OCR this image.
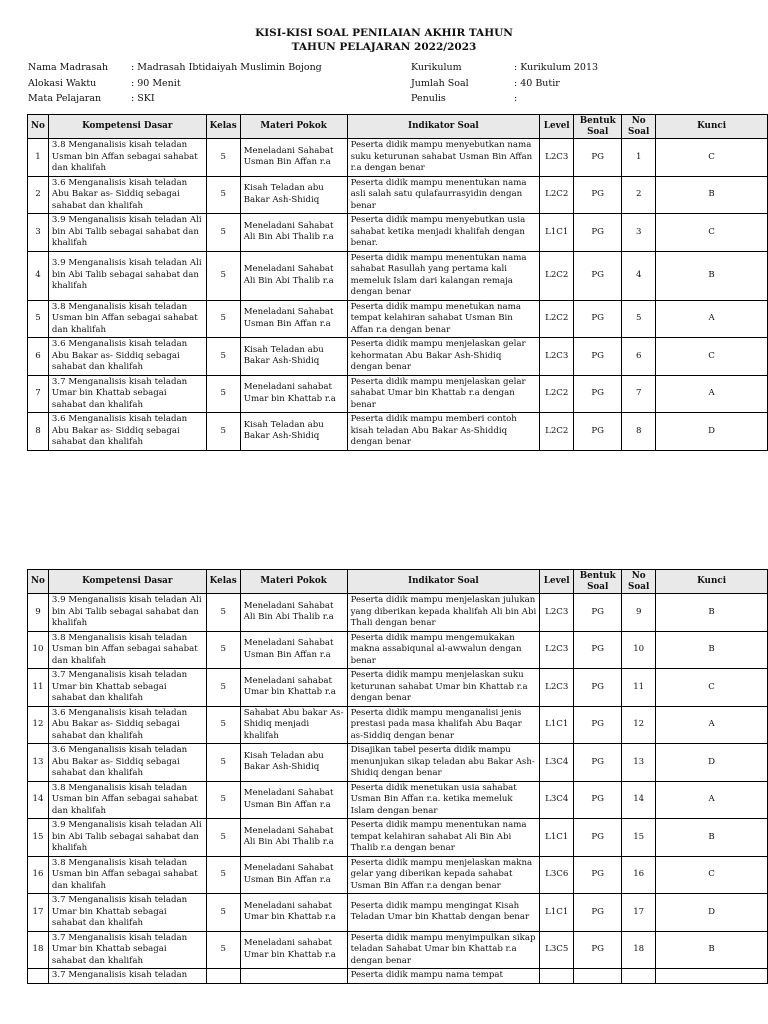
KISI-KISI SOAL PENILAIAN AKHIR TAHUN
TAHUN PELAJARAN 2022/2023
Nama Madrasah	: Madrasah Ibtidaiyah Muslimin Bojong
Alokasi Waktu	: 90 Menit
Mata Pelajaran	: SKI
Kurikulum	: Kurikulum 2013
Jumlah Soal	: 40 Butir
Penulis	:
No	Kompetensi Dasar	Kelas	Materi Pokok	Indikator Soal	Level	Bentuk Soal	No Soal	Kunci
1	3.8 Menganalisis kisah teladan Usman bin Affan sebagai sahabat dan khalifah	5	Meneladani Sahabat Usman Bin Affan r.a	Peserta didik mampu menyebutkan nama suku keturunan sahabat Usman Bin Affan r.a dengan benar	L2C3	PG	1	C
2	3.6 Menganalisis kisah teladan Abu Bakar as- Siddiq sebagai sahabat dan khalifah	5	Kisah Teladan abu Bakar Ash-Shidiq	Peserta didik mampu menentukan nama asli salah satu qulafaurrasyidin dengan benar	L2C2	PG	2	B
3	3.9 Menganalisis kisah teladan Ali bin Abi Talib sebagai sahabat dan khalifah	5	Meneladani Sahabat Ali Bin Abi Thalib r.a	Peserta didik mampu menyebutkan usia sahabat ketika menjadi khalifah dengan benar.	L1C1	PG	3	C
4	3.9 Menganalisis kisah teladan Ali bin Abi Talib sebagai sahabat dan khalifah	5	Meneladani Sahabat Ali Bin Abi Thalib r.a	Peserta didik mampu menentukan nama sahabat Rasullah yang pertama kali memeluk Islam dari kalangan remaja dengan benar	L2C2	PG	4	B
5	3.8 Menganalisis kisah teladan Usman bin Affan sebagai sahabat dan khalifah	5	Meneladani Sahabat Usman Bin Affan r.a	Peserta didik mampu menetukan nama tempat kelahiran sahabat Usman Bin Affan r.a dengan benar	L2C2	PG	5	A
6	3.6 Menganalisis kisah teladan Abu Bakar as- Siddiq sebagai sahabat dan khalifah	5	Kisah Teladan abu Bakar Ash-Shidiq	Peserta didik mampu menjelaskan gelar kehormatan Abu Bakar Ash-Shidiq dengan benar	L2C3	PG	6	C
7	3.7 Menganalisis kisah teladan Umar bin Khattab sebagai sahabat dan khalifah	5	Meneladani sahabat Umar bin Khattab r.a	Peserta didik mampu menjelaskan gelar sahabat Umar bin Khattab r.a dengan benar	L2C2	PG	7	A
8	3.6 Menganalisis kisah teladan Abu Bakar as- Siddiq sebagai sahabat dan khalifah	5	Kisah Teladan abu Bakar Ash-Shidiq	Peserta didik mampu memberi contoh kisah teladan Abu Bakar As-Shiddiq dengan benar	L2C2	PG	8	D
No	Kompetensi Dasar	Kelas	Materi Pokok	Indikator Soal	Level	Bentuk Soal	No Soal	Kunci
9	3.9 Menganalisis kisah teladan Ali bin Abi Talib sebagai sahabat dan khalifah	5	Meneladani Sahabat Ali Bin Abi Thalib r.a	Peserta didik mampu menjelaskan julukan yang diberikan kepada khalifah Ali bin Abi Thali dengan benar	L2C3	PG	9	B
10	3.8 Menganalisis kisah teladan Usman bin Affan sebagai sahabat dan khalifah	5	Meneladani Sahabat Usman Bin Affan r.a	Peserta didik mampu mengemukakan makna assabiqunal al-awwalun dengan benar	L2C3	PG	10	B
11	3.7 Menganalisis kisah teladan Umar bin Khattab sebagai sahabat dan khalifah	5	Meneladani sahabat Umar bin Khattab r.a	Peserta didik mampu menjelaskan suku keturunan sahabat Umar bin Khattab r.a dengan benar	L2C3	PG	11	C
12	3.6 Menganalisis kisah teladan Abu Bakar as- Siddiq sebagai sahabat dan khalifah	5	Sahabat Abu bakar As-Shidiq menjadi khalifah	Peserta didik mampu menganalisi jenis prestasi pada masa khalifah Abu Baqar as-Siddiq dengan benar	L1C1	PG	12	A
13	3.6 Menganalisis kisah teladan Abu Bakar as- Siddiq sebagai sahabat dan khalifah	5	Kisah Teladan abu Bakar Ash-Shidiq	Disajikan tabel peserta didik mampu menunjukan sikap teladan abu Bakar Ash-Shidiq dengan benar	L3C4	PG	13	D
14	3.8 Menganalisis kisah teladan Usman bin Affan sebagai sahabat dan khalifah	5	Meneladani Sahabat Usman Bin Affan r.a	Peserta didik menetukan usia sahabat Usman Bin Affan r.a. ketika memeluk Islam dengan benar	L3C4	PG	14	A
15	3.9 Menganalisis kisah teladan Ali bin Abi Talib sebagai sahabat dan khalifah	5	Meneladani Sahabat Ali Bin Abi Thalib r.a	Peserta didik mampu menentukan nama tempat kelahiran sahabat Ali Bin Abi Thalib r.a dengan benar	L1C1	PG	15	B
16	3.8 Menganalisis kisah teladan Usman bin Affan sebagai sahabat dan khalifah	5	Meneladani Sahabat Usman Bin Affan r.a	Peserta didik mampu menjelaskan makna gelar yang diberikan kepada sahabat Usman Bin Affan r.a dengan benar	L3C6	PG	16	C
17	3.7 Menganalisis kisah teladan Umar bin Khattab sebagai sahabat dan khalifah	5	Meneladani sahabat Umar bin Khattab r.a	Peserta didik mampu mengingat Kisah Teladan Umar bin Khattab dengan benar	L1C1	PG	17	D
18	3.7 Menganalisis kisah teladan Umar bin Khattab sebagai sahabat dan khalifah	5	Meneladani sahabat Umar bin Khattab r.a	Peserta didik mampu menyimpulkan sikap teladan Sahabat Umar bin Khattab r.a dengan benar	L3C5	PG	18	B
	3.7 Menganalisis kisah teladan			Peserta didik mampu nama tempat				
